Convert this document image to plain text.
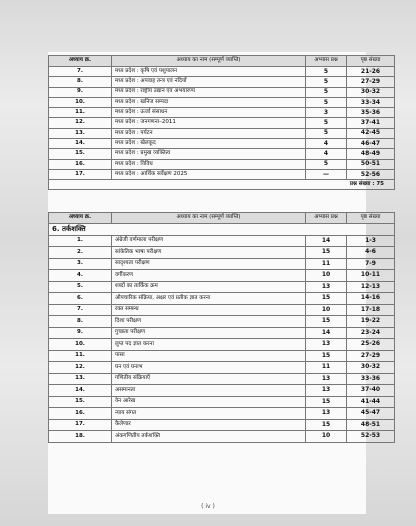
अध्याय क्र.	अध्याय का नाम (सम्पूर्ण व्याप्ति)	अभ्यास प्रश्न	पृष्ठ संख्या
7.	मध्य प्रदेश : कृषि एवं पशुपालन	5	21-26
8.	मध्य प्रदेश : अपवाह तन्त्र एवं नदियाँ	5	27-29
9.	मध्य प्रदेश : राष्ट्रीय उद्यान एवं अभयारण्य	5	30-32
10.	मध्य प्रदेश : खनिज सम्पदा	5	33-34
11.	मध्य प्रदेश : ऊर्जा संसाधन	3	35-36
12.	मध्य प्रदेश : जनगणना–2011	5	37-41
13.	मध्य प्रदेश : पर्यटन	5	42-45
14.	मध्य प्रदेश : खेलकूद	4	46-47
15.	मध्य प्रदेश : प्रमुख व्यक्तित्व	4	48-49
16.	मध्य प्रदेश : विविध	5	50-51
17.	मध्य प्रदेश : आर्थिक सर्वेक्षण 2025	—	52-56
प्रश्न संख्या : 75			
अध्याय क्र.	अध्याय का नाम (सम्पूर्ण व्याप्ति)	अभ्यास प्रश्न	पृष्ठ संख्या
6. तर्कशक्ति			
1.	अंग्रेजी वर्णमाला परीक्षण	14	1-3
2.	सांकेतिक भाषा परीक्षण	15	4-6
3.	सादृश्यता परीक्षण	11	7-9
4.	वर्गीकरण	10	10-11
5.	शब्दों का तार्किक क्रम	13	12-13
6.	औपचारिक संक्रिया, अक्षर एवं प्रतीक ज्ञात करना	15	14-16
7.	रक्त सम्बन्ध	10	17-18
8.	दिशा परीक्षण	15	19-22
9.	गुच्छता परीक्षण	14	23-24
10.	लुप्त पद ज्ञात करना	13	25-26
11.	पासा	15	27-29
12.	घन एवं घनाभ	11	30-32
13.	गणितीय संक्रियाएँ	13	33-36
14.	असमानता	13	37-40
15.	वेन आरेख	15	41-44
16.	न्याय संगत	13	45-47
17.	कैलेण्डर	15	48-51
18.	अंकगणितीय तर्कशक्ति	10	52-53
( iv )
